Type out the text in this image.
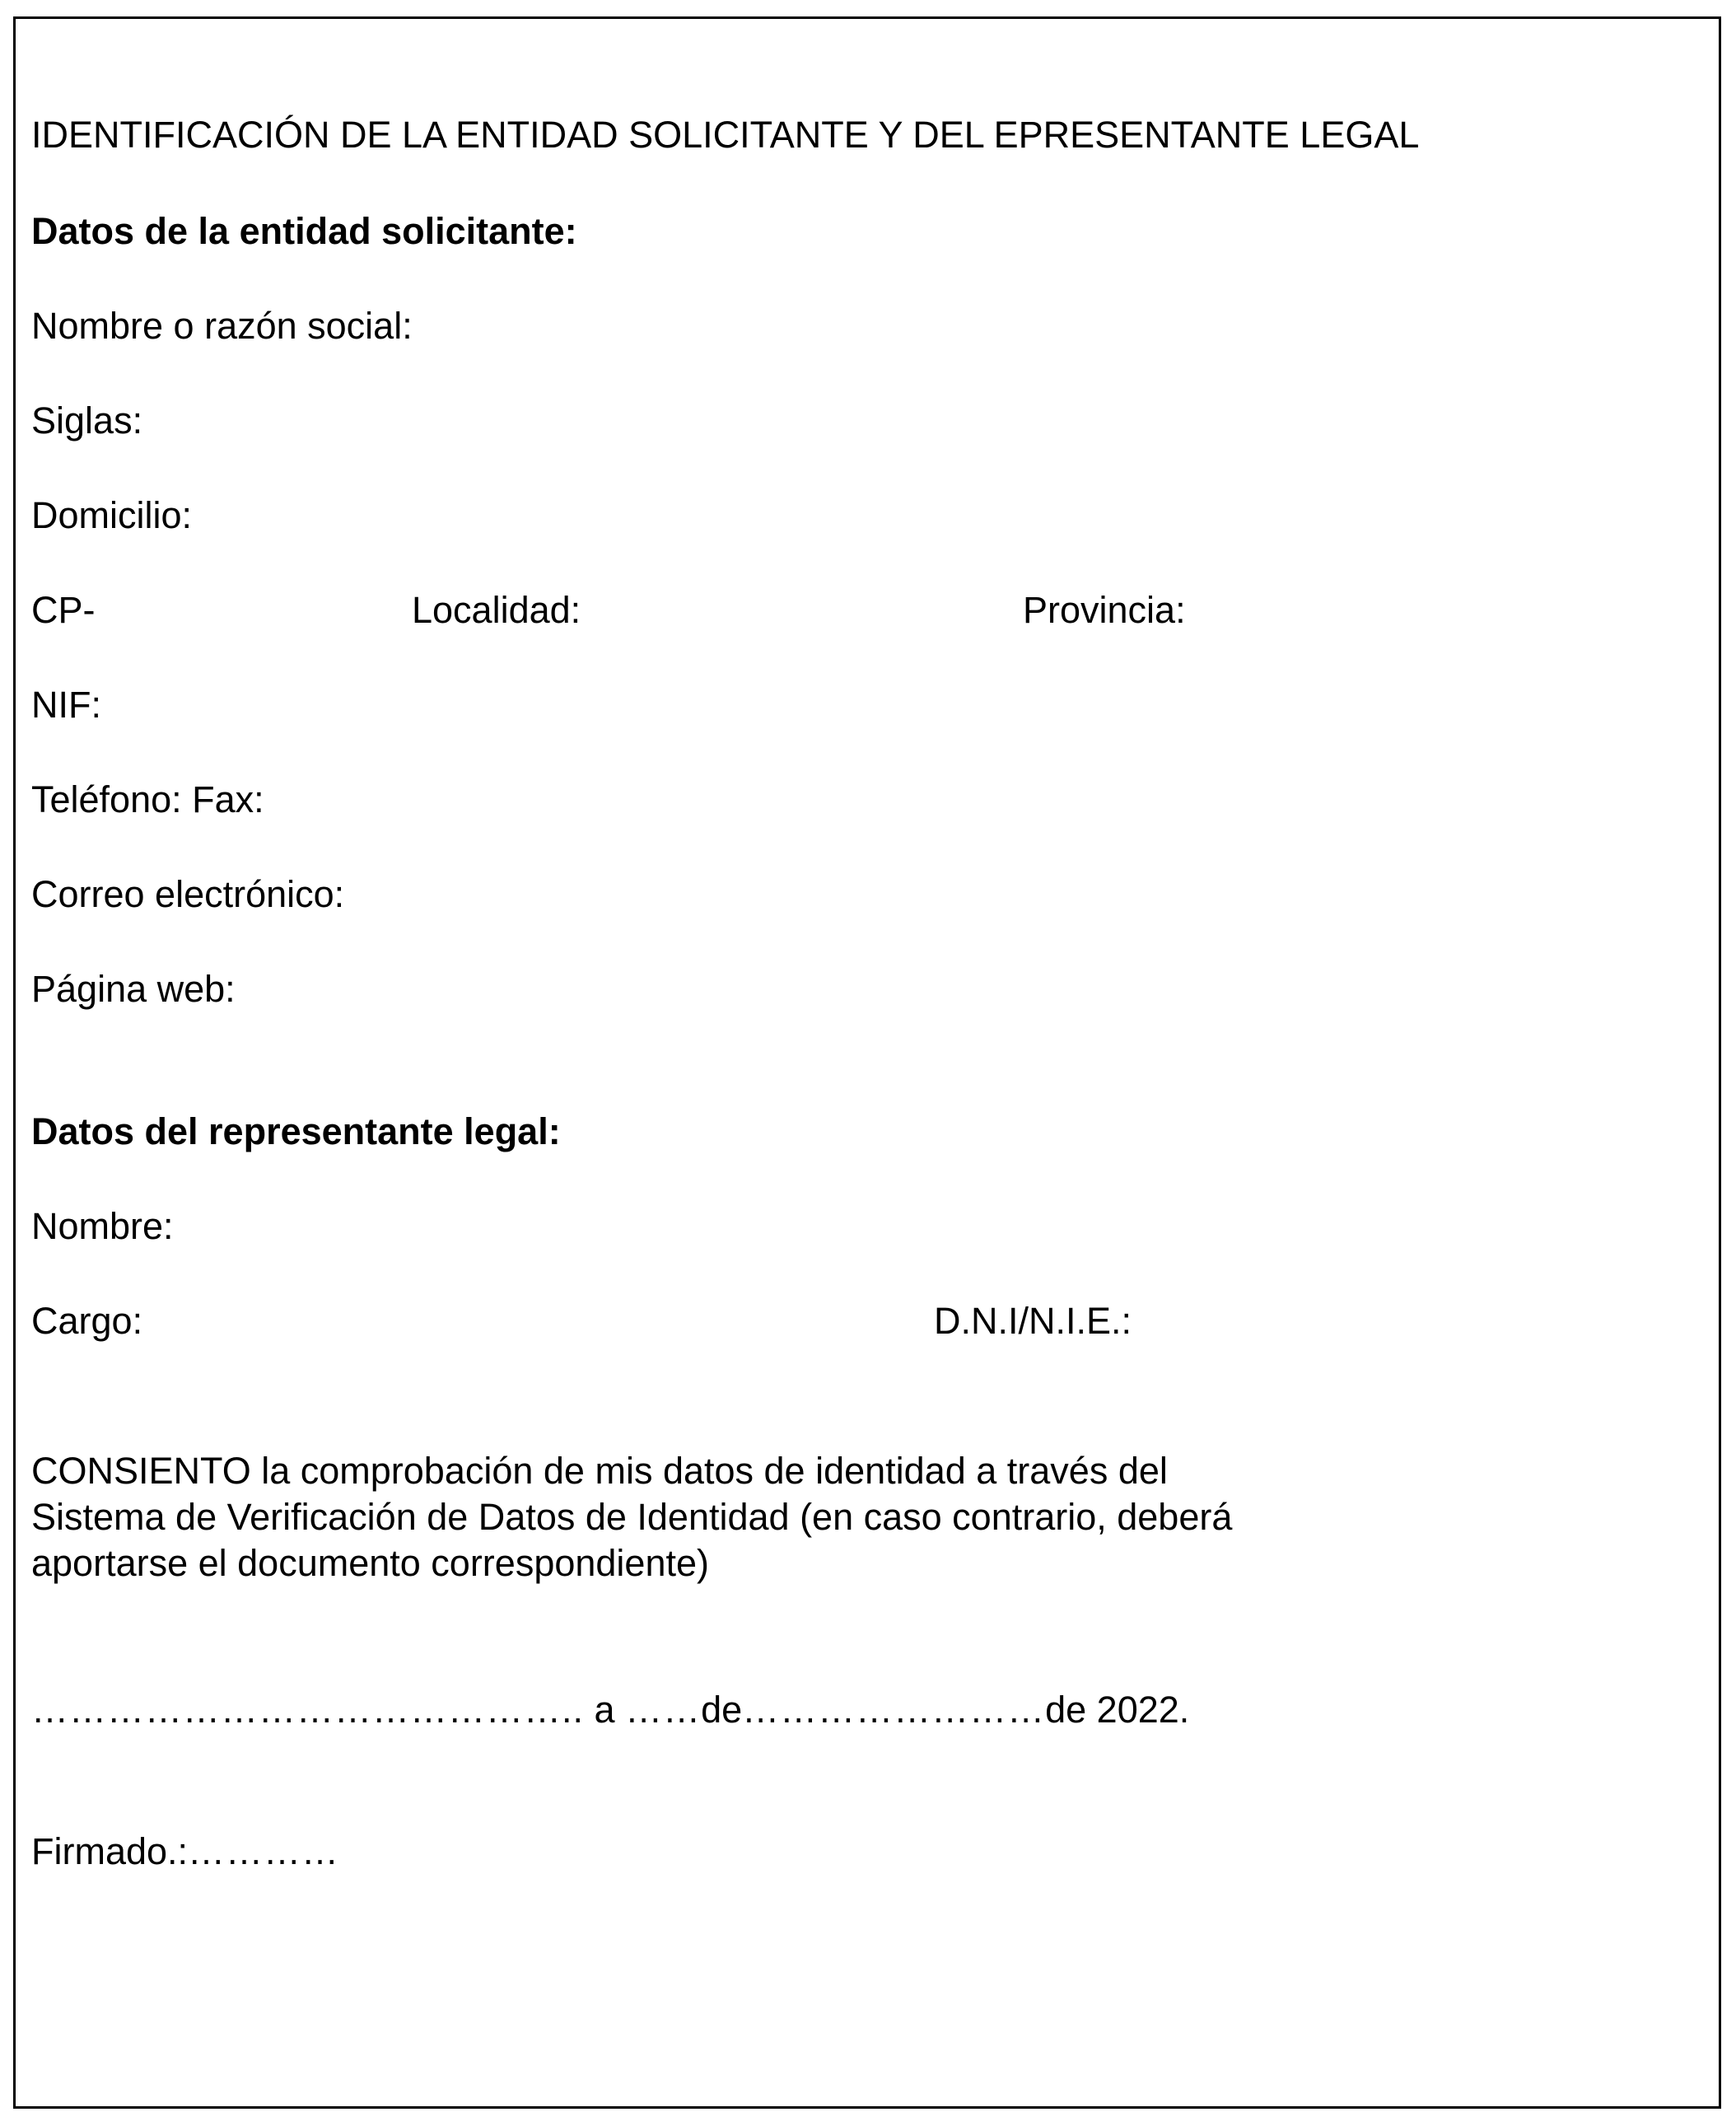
IDENTIFICACIÓN DE LA ENTIDAD SOLICITANTE Y DEL EPRESENTANTE LEGAL
Datos de la entidad solicitante:
Nombre o razón social:
Siglas:
Domicilio:
CP-	Localidad:	Provincia:
NIF:
Teléfono: Fax:
Correo electrónico:
Página web:
Datos del representante legal:
Nombre:
Cargo:	D.N.I/N.I.E.:
CONSIENTO la comprobación de mis datos de identidad a través del
Sistema de Verificación de Datos de Identidad (en caso contrario, deberá
aportarse el documento correspondiente)
…………………………………….. a ……de……………………de 2022.
Firmado.:…………
